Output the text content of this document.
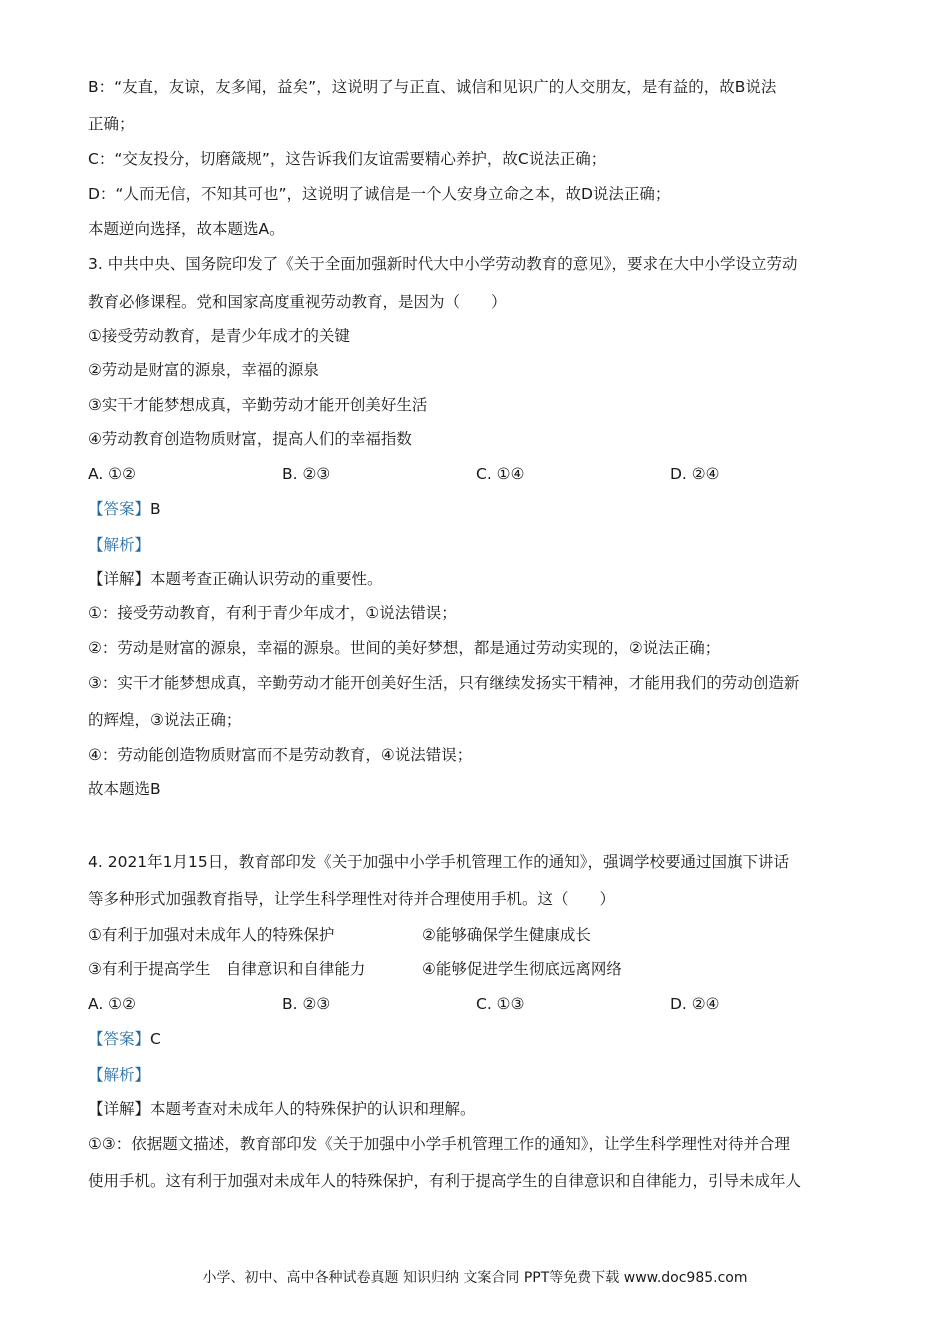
B：“友直，友谅，友多闻，益矣”，这说明了与正直、诚信和见识广的人交朋友，是有益的，故B说法
正确；
C：“交友投分，切磨箴规”，这告诉我们友谊需要精心养护，故C说法正确；
D：“人而无信，不知其可也”，这说明了诚信是一个人安身立命之本，故D说法正确；
本题逆向选择，故本题选A。
3. 中共中央、国务院印发了《关于全面加强新时代大中小学劳动教育的意见》，要求在大中小学设立劳动
教育必修课程。党和国家高度重视劳动教育，是因为（　　）
①接受劳动教育，是青少年成才的关键
②劳动是财富的源泉，幸福的源泉
③实干才能梦想成真，辛勤劳动才能开创美好生活
④劳动教育创造物质财富，提高人们的幸福指数
A. ①②	B. ②③	C. ①④	D. ②④
【答案】B
【解析】
【详解】本题考查正确认识劳动的重要性。
①：接受劳动教育，有利于青少年成才，①说法错误；
②：劳动是财富的源泉，幸福的源泉。世间的美好梦想，都是通过劳动实现的，②说法正确；
③：实干才能梦想成真，辛勤劳动才能开创美好生活，只有继续发扬实干精神，才能用我们的劳动创造新
的辉煌，③说法正确；
④：劳动能创造物质财富而不是劳动教育，④说法错误；
故本题选B
4. 2021年1月15日，教育部印发《关于加强中小学手机管理工作的通知》，强调学校要通过国旗下讲话
等多种形式加强教育指导，让学生科学理性对待并合理使用手机。这（　　）
①有利于加强对未成年人的特殊保护	②能够确保学生健康成长
③有利于提高学生　自律意识和自律能力	④能够促进学生彻底远离网络
A. ①②	B. ②③	C. ①③	D. ②④
【答案】C
【解析】
【详解】本题考查对未成年人的特殊保护的认识和理解。
①③：依据题文描述，教育部印发《关于加强中小学手机管理工作的通知》，让学生科学理性对待并合理
使用手机。这有利于加强对未成年人的特殊保护，有利于提高学生的自律意识和自律能力，引导未成年人
小学、初中、高中各种试卷真题 知识归纳 文案合同 PPT等免费下载 www.doc985.com
